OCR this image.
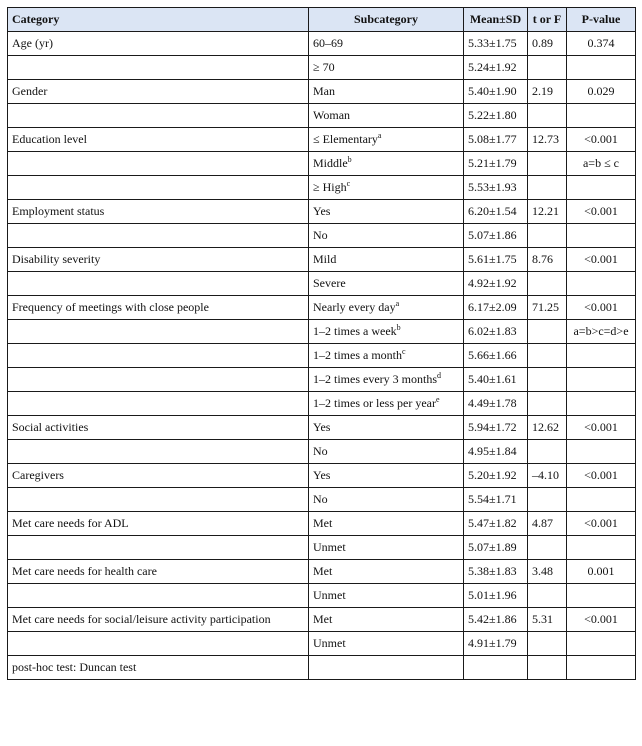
Category	Subcategory	Mean±SD	t or F	P-value
Age (yr)	60–69	5.33±1.75	0.89	0.374
	≥ 70	5.24±1.92		
Gender	Man	5.40±1.90	2.19	0.029
	Woman	5.22±1.80		
Education level	≤ Elementary$^a$	5.08±1.77	12.73	<0.001
	Middle$^b$	5.21±1.79		a=b ≤ c
	≥ High$^c$	5.53±1.93		
Employment status	Yes	6.20±1.54	12.21	<0.001
	No	5.07±1.86		
Disability severity	Mild	5.61±1.75	8.76	<0.001
	Severe	4.92±1.92		
Frequency of meetings with close people	Nearly every day$^a$	6.17±2.09	71.25	<0.001
	1–2 times a week$^b$	6.02±1.83		a=b>c=d>e
	1–2 times a month$^c$	5.66±1.66		
	1–2 times every 3 months$^d$	5.40±1.61		
	1–2 times or less per year$^e$	4.49±1.78		
Social activities	Yes	5.94±1.72	12.62	<0.001
	No	4.95±1.84		
Caregivers	Yes	5.20±1.92	–4.10	<0.001
	No	5.54±1.71		
Met care needs for ADL	Met	5.47±1.82	4.87	<0.001
	Unmet	5.07±1.89		
Met care needs for health care	Met	5.38±1.83	3.48	0.001
	Unmet	5.01±1.96		
Met care needs for social/leisure activity participation	Met	5.42±1.86	5.31	<0.001
	Unmet	4.91±1.79		
post-hoc test: Duncan test				
